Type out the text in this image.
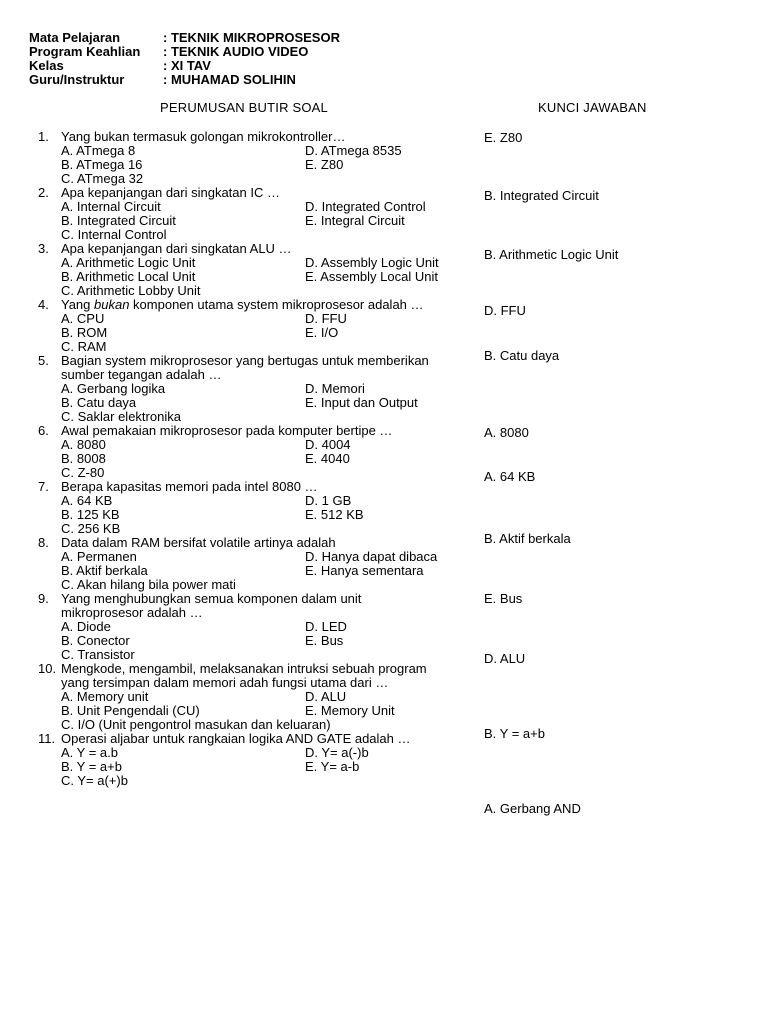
Mata Pelajaran	: TEKNIK MIKROPROSESOR
Program Keahlian : TEKNIK AUDIO VIDEO
Kelas	: XI TAV
Guru/Instruktur	: MUHAMAD SOLIHIN
PERUMUSAN BUTIR SOAL	KUNCI JAWABAN
1. Yang bukan termasuk golongan mikrokontroller…
A. ATmega 8	D. ATmega 8535
B. ATmega 16	E. Z80
C. ATmega 32
2. Apa kepanjangan dari singkatan IC …
A. Internal Circuit	D. Integrated Control
B. Integrated Circuit	E. Integral Circuit
C. Internal Control
3. Apa kepanjangan dari singkatan ALU …
A. Arithmetic Logic Unit	D. Assembly Logic Unit
B. Arithmetic Local Unit	E. Assembly Local Unit
C. Arithmetic Lobby Unit
4. Yang bukan komponen utama system mikroprosesor adalah …
A. CPU	D. FFU
B. ROM	E. I/O
C. RAM
5. Bagian system mikroprosesor yang bertugas untuk memberikan
sumber tegangan adalah …
A. Gerbang logika	D. Memori
B. Catu daya	E. Input dan Output
C. Saklar elektronika
6. Awal pemakaian mikroprosesor pada komputer bertipe …
A. 8080	D. 4004
B. 8008	E. 4040
C. Z-80
7. Berapa kapasitas memori pada intel 8080 …
A. 64 KB	D. 1 GB
B. 125 KB	E. 512 KB
C. 256 KB
8. Data dalam RAM bersifat volatile artinya adalah
A. Permanen	D. Hanya dapat dibaca
B. Aktif berkala	E. Hanya sementara
C. Akan hilang bila power mati
9. Yang menghubungkan semua komponen dalam unit
mikroprosesor adalah …
A. Diode	D. LED
B. Conector	E. Bus
C. Transistor
10. Mengkode, mengambil, melaksanakan intruksi sebuah program
yang tersimpan dalam memori adah fungsi utama dari …
A. Memory unit	D. ALU
B. Unit Pengendali (CU)	E. Memory Unit
C. I/O (Unit pengontrol masukan dan keluaran)
11. Operasi aljabar untuk rangkaian logika AND GATE adalah …
A. Y = a.b	D. Y= a(-)b
B. Y = a+b	E. Y= a-b
C. Y= a(+)b
E. Z80
B. Integrated Circuit
B. Arithmetic Logic Unit
D. FFU
B. Catu daya
A. 8080
A. 64 KB
B. Aktif berkala
E. Bus
D. ALU
B. Y = a+b
A. Gerbang AND
